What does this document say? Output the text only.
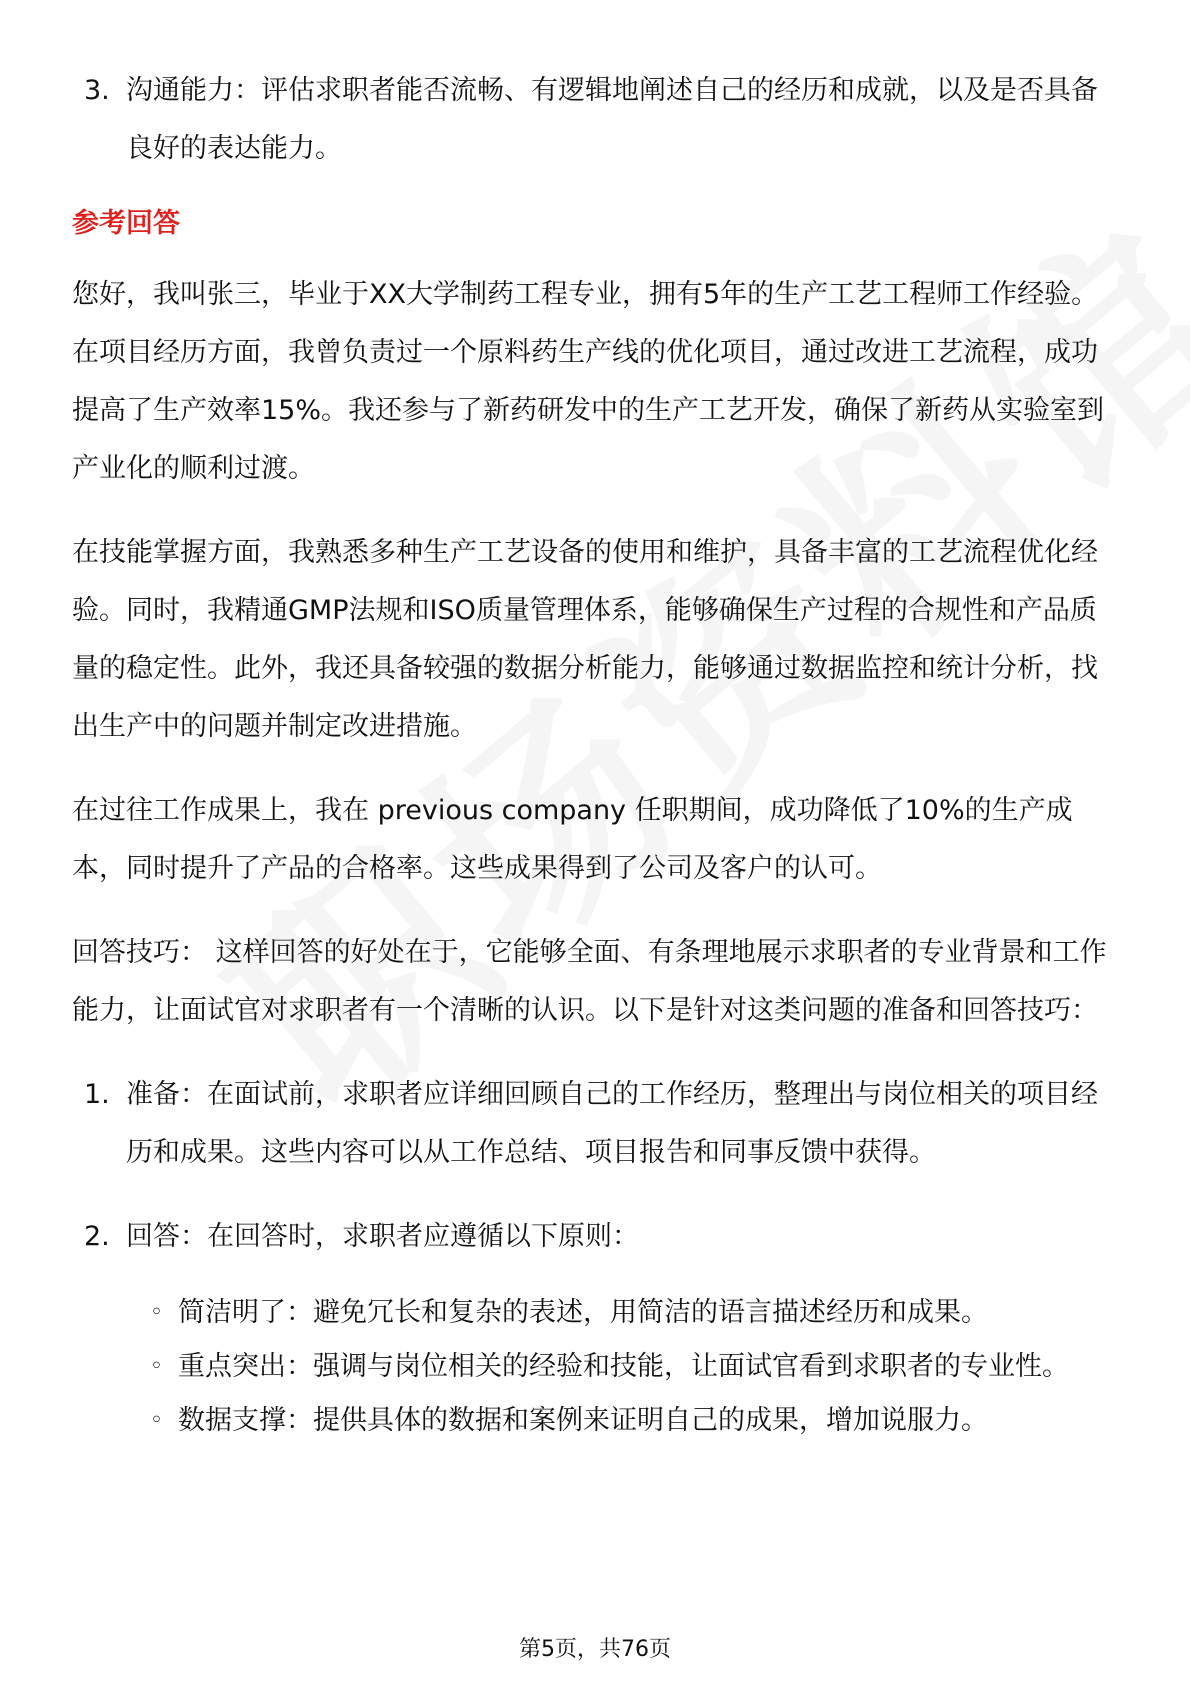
3. 沟通能力：评估求职者能否流畅、有逻辑地阐述自己的经历和成就，以及是否具备良好的表达能力。
参考回答

您好，我叫张三，毕业于XX大学制药工程专业，拥有5年的生产工艺工程师工作经验。在项目经历方面，我曾负责过一个原料药生产线的优化项目，通过改进工艺流程，成功提高了生产效率15%。我还参与了新药研发中的生产工艺开发，确保了新药从实验室到产业化的顺利过渡。

在技能掌握方面，我熟悉多种生产工艺设备的使用和维护，具备丰富的工艺流程优化经验。同时，我精通GMP法规和ISO质量管理体系，能够确保生产过程的合规性和产品质量的稳定性。此外，我还具备较强的数据分析能力，能够通过数据监控和统计分析，找出生产中的问题并制定改进措施。

在过往工作成果上，我在 previous company 任职期间，成功降低了10%的生产成本，同时提升了产品的合格率。这些成果得到了公司及客户的认可。

回答技巧： 这样回答的好处在于，它能够全面、有条理地展示求职者的专业背景和工作能力，让面试官对求职者有一个清晰的认识。以下是针对这类问题的准备和回答技巧：

1. 准备：在面试前，求职者应详细回顾自己的工作经历，整理出与岗位相关的项目经历和成果。这些内容可以从工作总结、项目报告和同事反馈中获得。
2. 回答：在回答时，求职者应遵循以下原则：
◦ 简洁明了：避免冗长和复杂的表述，用简洁的语言描述经历和成果。
◦ 重点突出：强调与岗位相关的经验和技能，让面试官看到求职者的专业性。
◦ 数据支撑：提供具体的数据和案例来证明自己的成果，增加说服力。
第5页，共76页
